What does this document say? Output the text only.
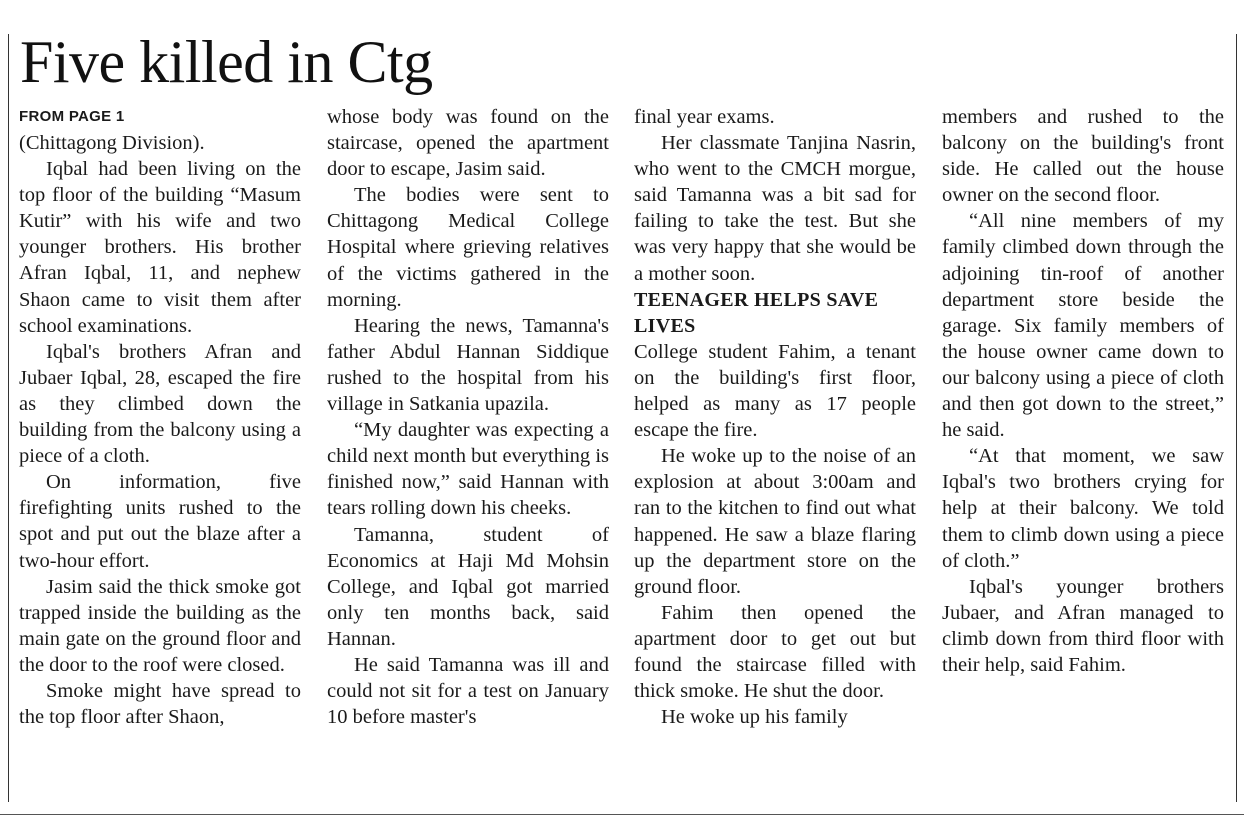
Five killed in Ctg
FROM PAGE 1

(Chittagong Division).

Iqbal had been living on the top floor of the building “Masum Kutir” with his wife and two younger brothers. His brother Afran Iqbal, 11, and nephew Shaon came to visit them after school examinations.

Iqbal's brothers Afran and Jubaer Iqbal, 28, escaped the fire as they climbed down the building from the balcony using a piece of a cloth.

On information, five firefighting units rushed to the spot and put out the blaze after a two-hour effort.

Jasim said the thick smoke got trapped inside the building as the main gate on the ground floor and the door to the roof were closed.

Smoke might have spread to the top floor after Shaon,

whose body was found on the staircase, opened the apartment door to escape, Jasim said.

The bodies were sent to Chittagong Medical College Hospital where grieving relatives of the victims gathered in the morning.

Hearing the news, Tamanna's father Abdul Hannan Siddique rushed to the hospital from his village in Satkania upazila.

“My daughter was expecting a child next month but everything is finished now,” said Hannan with tears rolling down his cheeks.

Tamanna, student of Economics at Haji Md Mohsin College, and Iqbal got married only ten months back, said Hannan.

He said Tamanna was ill and could not sit for a test on January 10 before master's

final year exams.

Her classmate Tanjina Nasrin, who went to the CMCH morgue, said Tamanna was a bit sad for failing to take the test. But she was very happy that she would be a mother soon.

TEENAGER HELPS SAVE LIVES

College student Fahim, a tenant on the building's first floor, helped as many as 17 people escape the fire.

He woke up to the noise of an explosion at about 3:00am and ran to the kitchen to find out what happened. He saw a blaze flaring up the department store on the ground floor.

Fahim then opened the apartment door to get out but found the staircase filled with thick smoke. He shut the door.

He woke up his family

members and rushed to the balcony on the building's front side. He called out the house owner on the second floor.

“All nine members of my family climbed down through the adjoining tin-roof of another department store beside the garage. Six family members of the house owner came down to our balcony using a piece of cloth and then got down to the street,” he said.

“At that moment, we saw Iqbal's two brothers crying for help at their balcony. We told them to climb down using a piece of cloth.”

Iqbal's younger brothers Jubaer, and Afran managed to climb down from third floor with their help, said Fahim.
